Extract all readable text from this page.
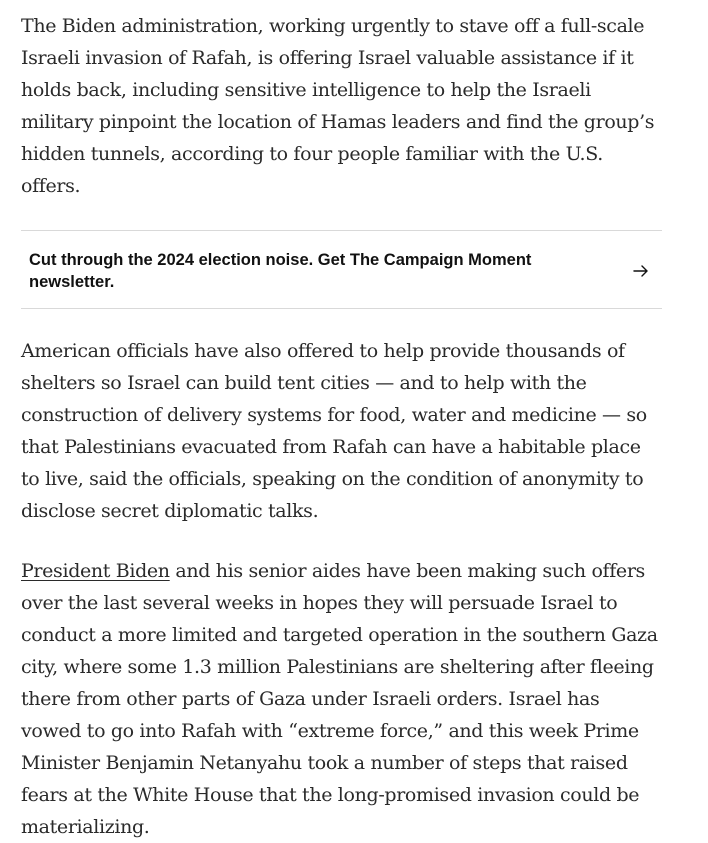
The Biden administration, working urgently to stave off a full-scale Israeli invasion of Rafah, is offering Israel valuable assistance if it holds back, including sensitive intelligence to help the Israeli military pinpoint the location of Hamas leaders and find the group’s hidden tunnels, according to four people familiar with the U.S. offers.

Cut through the 2024 election noise. Get The Campaign Moment newsletter.

American officials have also offered to help provide thousands of shelters so Israel can build tent cities — and to help with the construction of delivery systems for food, water and medicine — so that Palestinians evacuated from Rafah can have a habitable place to live, said the officials, speaking on the condition of anonymity to disclose secret diplomatic talks.

President Biden and his senior aides have been making such offers over the last several weeks in hopes they will persuade Israel to conduct a more limited and targeted operation in the southern Gaza city, where some 1.3 million Palestinians are sheltering after fleeing there from other parts of Gaza under Israeli orders. Israel has vowed to go into Rafah with “extreme force,” and this week Prime Minister Benjamin Netanyahu took a number of steps that raised fears at the White House that the long-promised invasion could be materializing.
